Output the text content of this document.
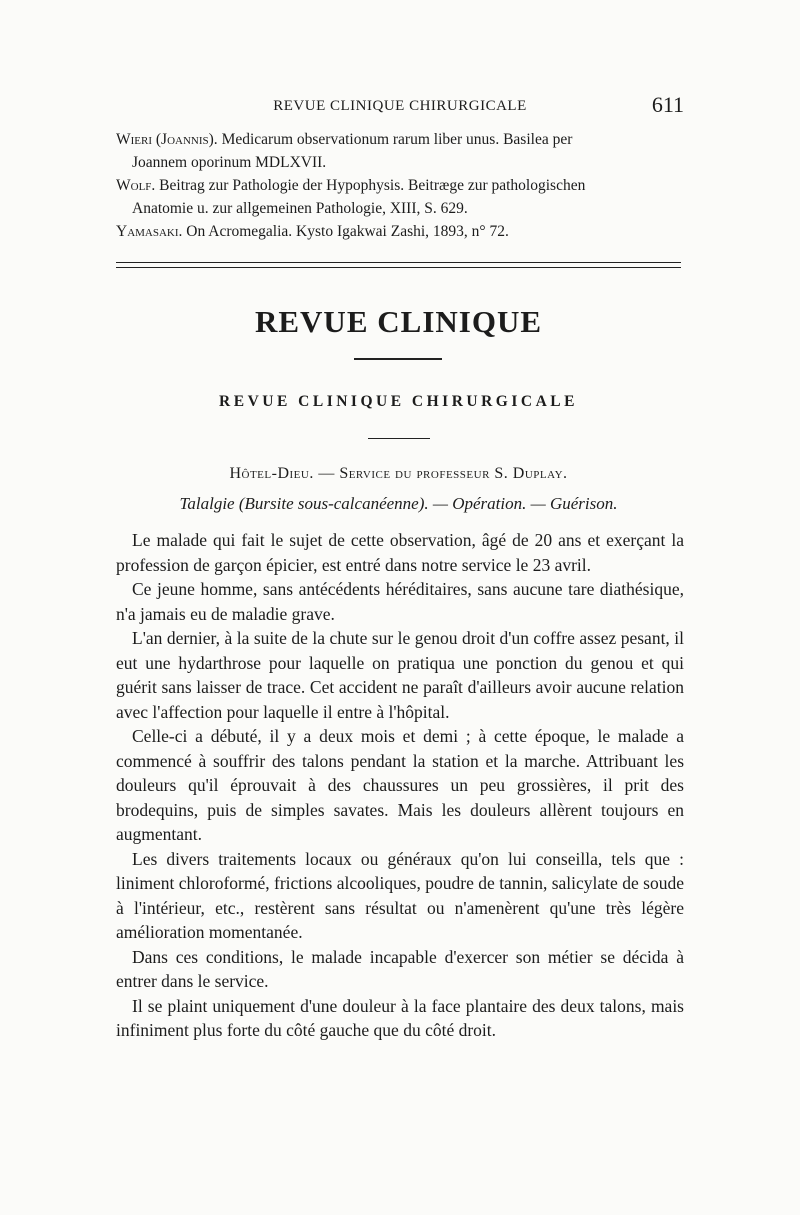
REVUE CLINIQUE CHIRURGICALE	611

Wieri (Joannis). Medicarum observationum rarum liber unus. Basilea per
Joannem oporinum MDLXVII.

Wolf. Beitrag zur Pathologie der Hypophysis. Beitræge zur pathologischen
Anatomie u. zur allgemeinen Pathologie, XIII, S. 629.

Yamasaki. On Acromegalia. Kysto Igakwai Zashi, 1893, n° 72.

REVUE CLINIQUE
REVUE CLINIQUE CHIRURGICALE
Hôtel-Dieu. — Service du professeur S. Duplay.
Talalgie (Bursite sous-calcanéenne). — Opération. — Guérison.

Le malade qui fait le sujet de cette observation, âgé de 20 ans et exerçant la profession de garçon épicier, est entré dans notre service le 23 avril.

Ce jeune homme, sans antécédents héréditaires, sans aucune tare diathésique, n'a jamais eu de maladie grave.

L'an dernier, à la suite de la chute sur le genou droit d'un coffre assez pesant, il eut une hydarthrose pour laquelle on pratiqua une ponction du genou et qui guérit sans laisser de trace. Cet accident ne paraît d'ailleurs avoir aucune relation avec l'affection pour laquelle il entre à l'hôpital.

Celle-ci a débuté, il y a deux mois et demi ; à cette époque, le malade a commencé à souffrir des talons pendant la station et la marche. Attribuant les douleurs qu'il éprouvait à des chaussures un peu grossières, il prit des brodequins, puis de simples savates. Mais les douleurs allèrent toujours en augmentant.

Les divers traitements locaux ou généraux qu'on lui conseilla, tels que : liniment chloroformé, frictions alcooliques, poudre de tannin, salicylate de soude à l'intérieur, etc., restèrent sans résultat ou n'amenèrent qu'une très légère amélioration momentanée.

Dans ces conditions, le malade incapable d'exercer son métier se décida à entrer dans le service.

Il se plaint uniquement d'une douleur à la face plantaire des deux talons, mais infiniment plus forte du côté gauche que du côté droit.
